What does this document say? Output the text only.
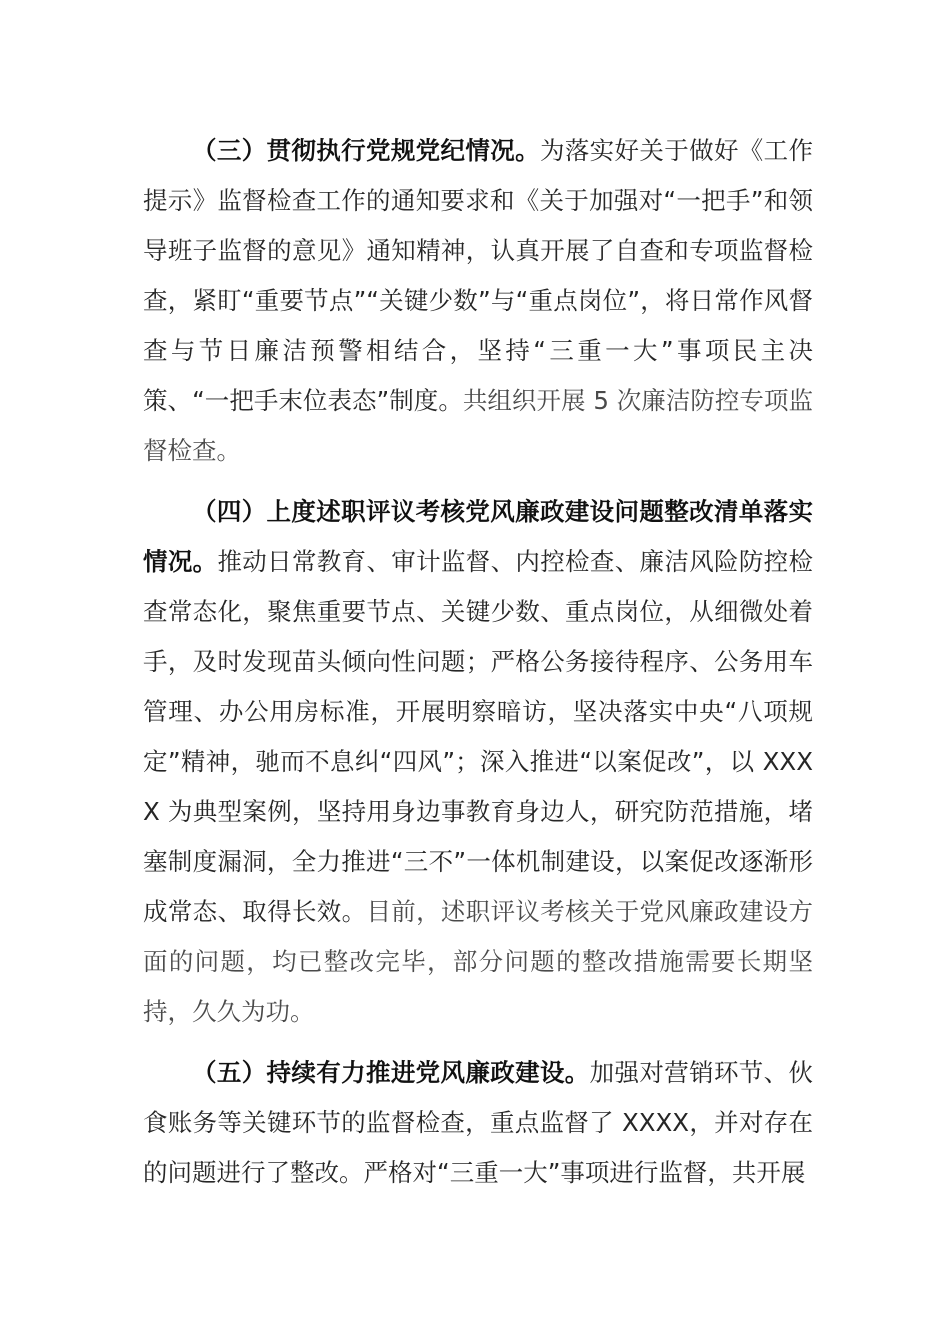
（三）贯彻执行党规党纪情况。为落实好关于做好《工作提示》监督检查工作的通知要求和《关于加强对“一把手”和领导班子监督的意见》通知精神，认真开展了自查和专项监督检查，紧盯“重要节点”“关键少数”与“重点岗位”，将日常作风督查与节日廉洁预警相结合，坚持“三重一大”事项民主决策、“一把手末位表态”制度。共组织开展 5 次廉洁防控专项监督检查。

（四）上度述职评议考核党风廉政建设问题整改清单落实情况。推动日常教育、审计监督、内控检查、廉洁风险防控检查常态化，聚焦重要节点、关键少数、重点岗位，从细微处着手，及时发现苗头倾向性问题；严格公务接待程序、公务用车管理、办公用房标准，开展明察暗访，坚决落实中央“八项规定”精神，驰而不息纠“四风”；深入推进“以案促改”，以 XXXX 为典型案例，坚持用身边事教育身边人，研究防范措施，堵塞制度漏洞，全力推进“三不”一体机制建设，以案促改逐渐形成常态、取得长效。目前，述职评议考核关于党风廉政建设方面的问题，均已整改完毕，部分问题的整改措施需要长期坚持，久久为功。

（五）持续有力推进党风廉政建设。加强对营销环节、伙食账务等关键环节的监督检查，重点监督了 XXXX，并对存在的问题进行了整改。严格对“三重一大”事项进行监督，共开展
